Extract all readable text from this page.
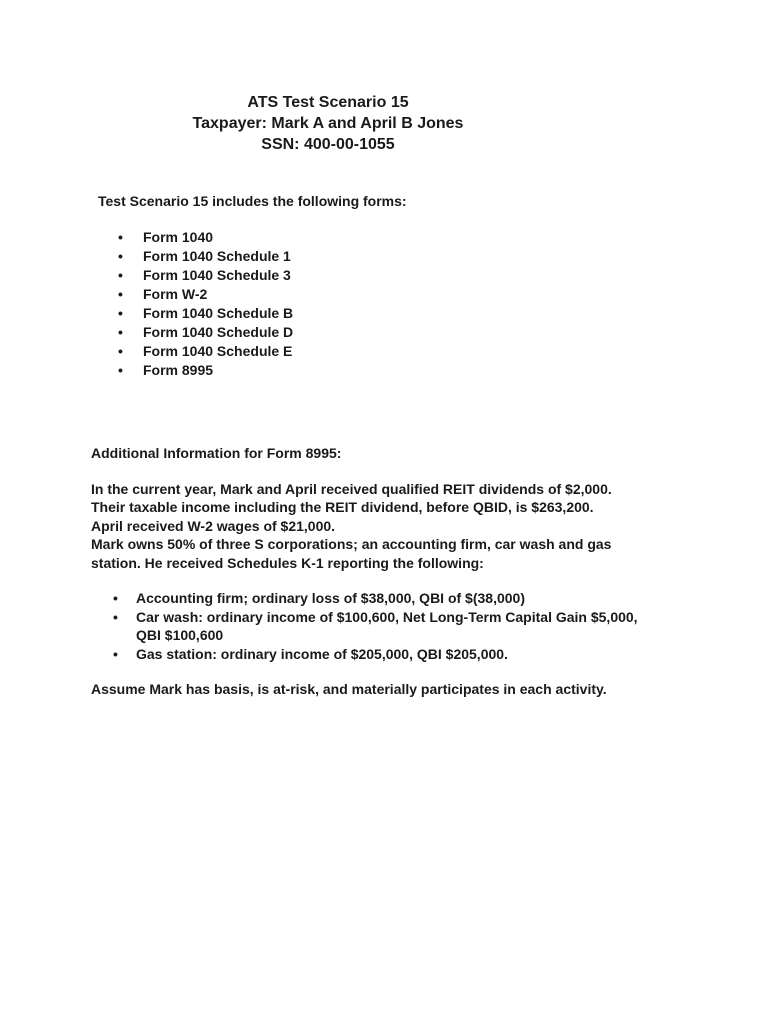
ATS Test Scenario 15
Taxpayer: Mark A and April B Jones
SSN: 400-00-1055
Test Scenario 15 includes the following forms:
• Form 1040
• Form 1040 Schedule 1
• Form 1040 Schedule 3
• Form W-2
• Form 1040 Schedule B
• Form 1040 Schedule D
• Form 1040 Schedule E
• Form 8995
Additional Information for Form 8995:
In the current year, Mark and April received qualified REIT dividends of $2,000.
Their taxable income including the REIT dividend, before QBID, is $263,200.
April received W-2 wages of $21,000.
Mark owns 50% of three S corporations; an accounting firm, car wash and gas
station. He received Schedules K-1 reporting the following:
• Accounting firm; ordinary loss of $38,000, QBI of $(38,000)
• Car wash: ordinary income of $100,600, Net Long-Term Capital Gain $5,000,
QBI $100,600
• Gas station: ordinary income of $205,000, QBI $205,000.
Assume Mark has basis, is at-risk, and materially participates in each activity.
